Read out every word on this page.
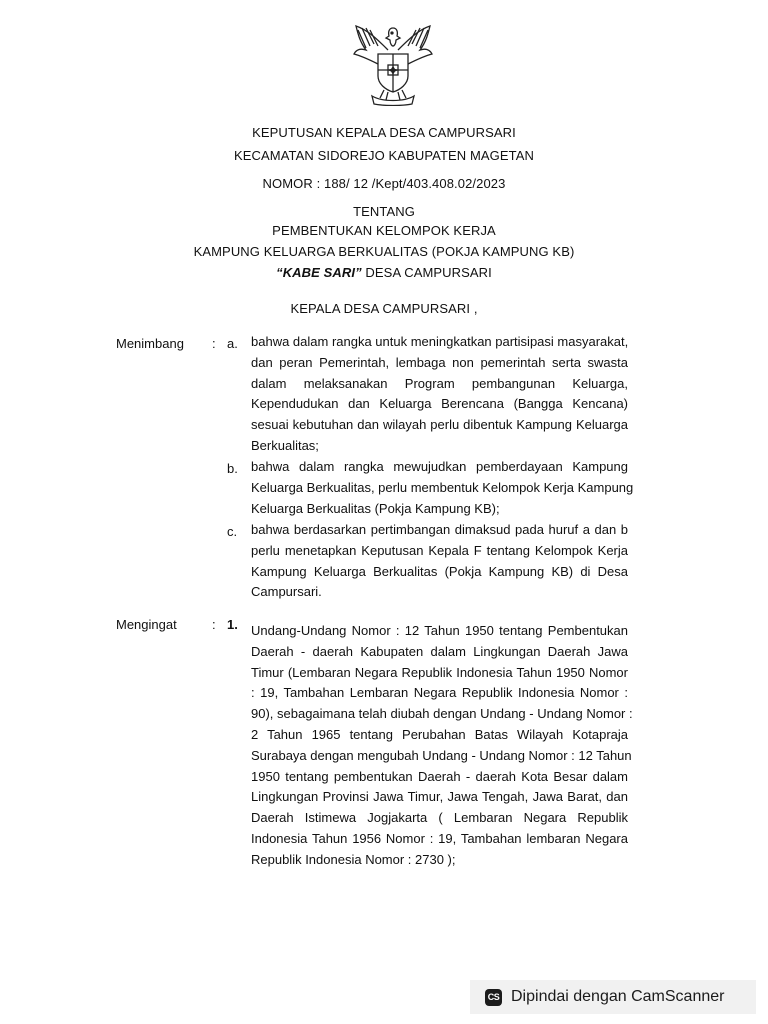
KEPUTUSAN KEPALA DESA CAMPURSARI
KECAMATAN SIDOREJO KABUPATEN MAGETAN
NOMOR : 188/ 12 /Kept/403.408.02/2023
TENTANG
PEMBENTUKAN KELOMPOK KERJA
KAMPUNG KELUARGA BERKUALITAS (POKJA KAMPUNG KB)
“KABE SARI” DESA CAMPURSARI
KEPALA DESA CAMPURSARI ,
Menimbang : a. bahwa dalam rangka untuk meningkatkan partisipasi masyarakat,
dan peran Pemerintah, lembaga non pemerintah serta swasta
dalam melaksanakan Program pembangunan Keluarga,
Kependudukan dan Keluarga Berencana (Bangga Kencana)
sesuai kebutuhan dan wilayah perlu dibentuk Kampung Keluarga
Berkualitas;
b. bahwa dalam rangka mewujudkan pemberdayaan Kampung
Keluarga Berkualitas, perlu membentuk Kelompok Kerja Kampung
Keluarga Berkualitas (Pokja Kampung KB);
c. bahwa berdasarkan pertimbangan dimaksud pada huruf a dan b
perlu menetapkan Keputusan Kepala F tentang Kelompok Kerja
Kampung Keluarga Berkualitas (Pokja Kampung KB) di Desa
Campursari.
Mengingat	: 1. Undang-Undang Nomor : 12 Tahun 1950 tentang Pembentukan
Daerah - daerah Kabupaten dalam Lingkungan Daerah Jawa
Timur (Lembaran Negara Republik Indonesia Tahun 1950 Nomor
: 19, Tambahan Lembaran Negara Republik Indonesia Nomor :
90), sebagaimana telah diubah dengan Undang - Undang Nomor :
2 Tahun 1965 tentang Perubahan Batas Wilayah Kotapraja
Surabaya dengan mengubah Undang - Undang Nomor : 12 Tahun
1950 tentang pembentukan Daerah - daerah Kota Besar dalam
Lingkungan Provinsi Jawa Timur, Jawa Tengah, Jawa Barat, dan
Daerah Istimewa Jogjakarta ( Lembaran Negara Republik
Indonesia Tahun 1956 Nomor : 19, Tambahan lembaran Negara
Republik Indonesia Nomor : 2730 );
CS Dipindai dengan CamScanner
